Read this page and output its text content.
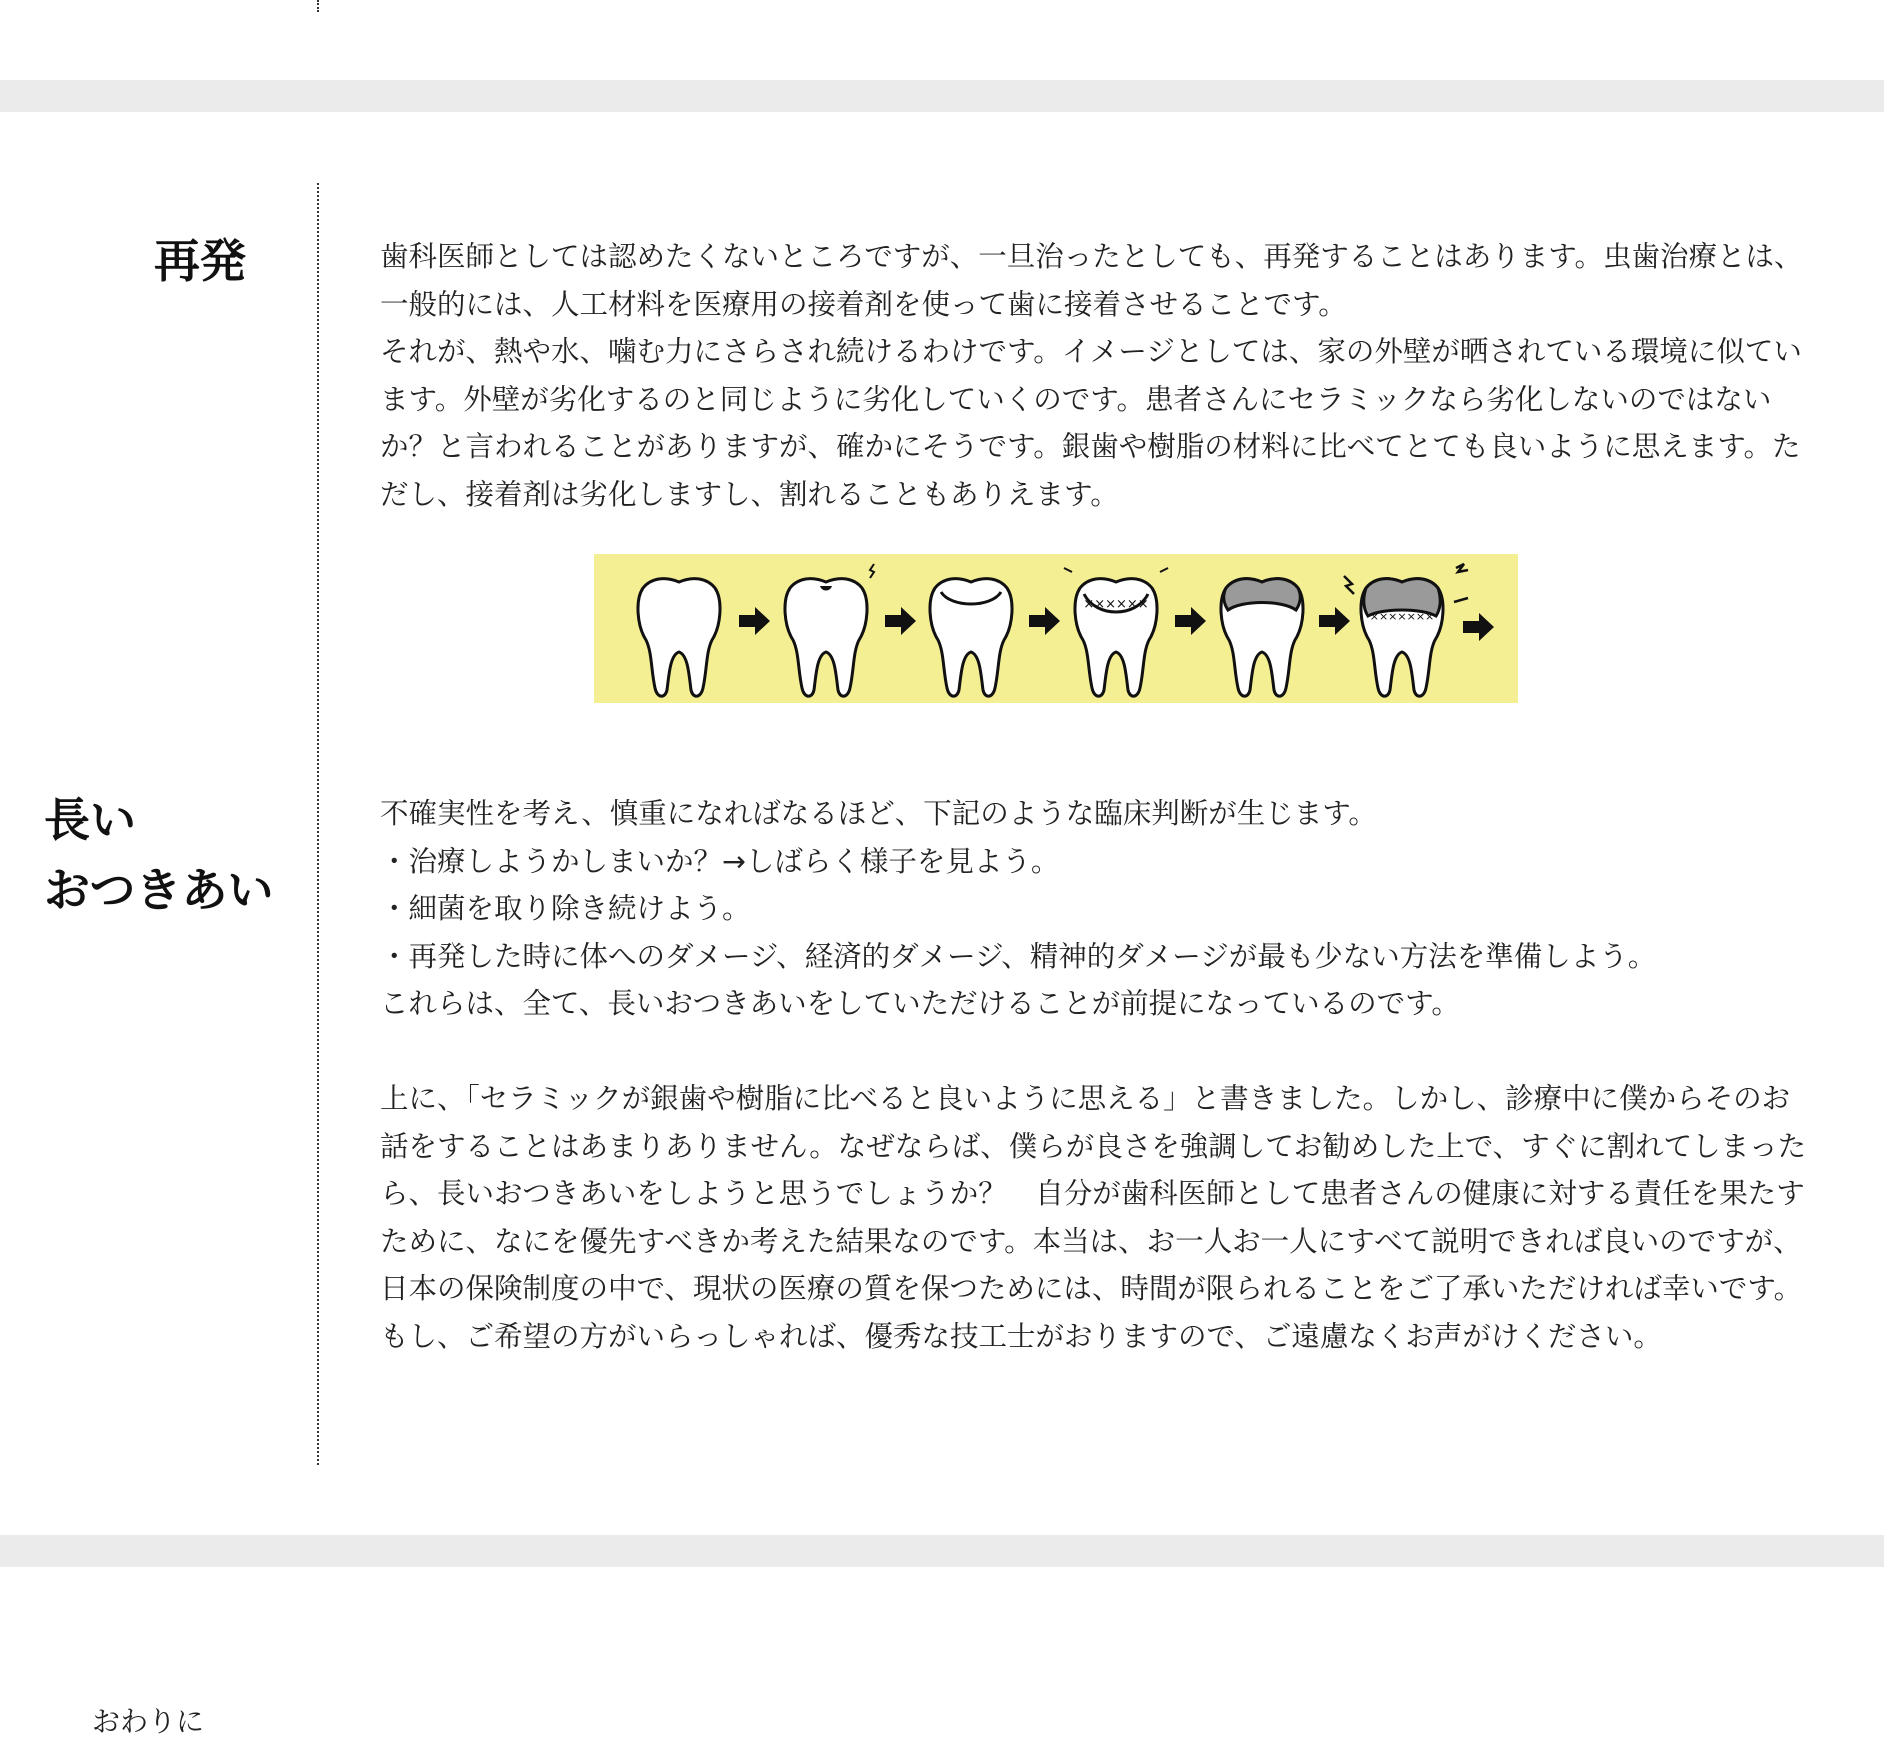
再発	歯科医師としては認めたくないところですが、一旦治ったとしても、再発することはあります。虫歯治療とは、一般的には、人工材料を医療用の接着剤を使って歯に接着させることです。
それが、熱や水、噛む力にさらされ続けるわけです。イメージとしては、家の外壁が晒されている環境に似ています。外壁が劣化するのと同じように劣化していくのです。患者さんにセラミックなら劣化しないのではないか？と言われることがありますが、確かにそうです。銀歯や樹脂の材料に比べてとても良いように思えます。ただし、接着剤は劣化しますし、割れることもありえます。

××××××
×××××××
長い
おつきあい

不確実性を考え、慎重になればなるほど、下記のような臨床判断が生じます。
・治療しようかしまいか？→しばらく様子を見よう。
・細菌を取り除き続けよう。
・再発した時に体へのダメージ、経済的ダメージ、精神的ダメージが最も少ない方法を準備しよう。
これらは、全て、長いおつきあいをしていただけることが前提になっているのです。

上に、「セラミックが銀歯や樹脂に比べると良いように思える」と書きました。しかし、診療中に僕からそのお話をすることはあまりありません。なぜならば、僕らが良さを強調してお勧めした上で、すぐに割れてしまったら、長いおつきあいをしようと思うでしょうか？　自分が歯科医師として患者さんの健康に対する責任を果たすために、なにを優先すべきか考えた結果なのです。本当は、お一人お一人にすべて説明できれば良いのですが、日本の保険制度の中で、現状の医療の質を保つためには、時間が限られることをご了承いただければ幸いです。もし、ご希望の方がいらっしゃれば、優秀な技工士がおりますので、ご遠慮なくお声がけください。

おわりに
